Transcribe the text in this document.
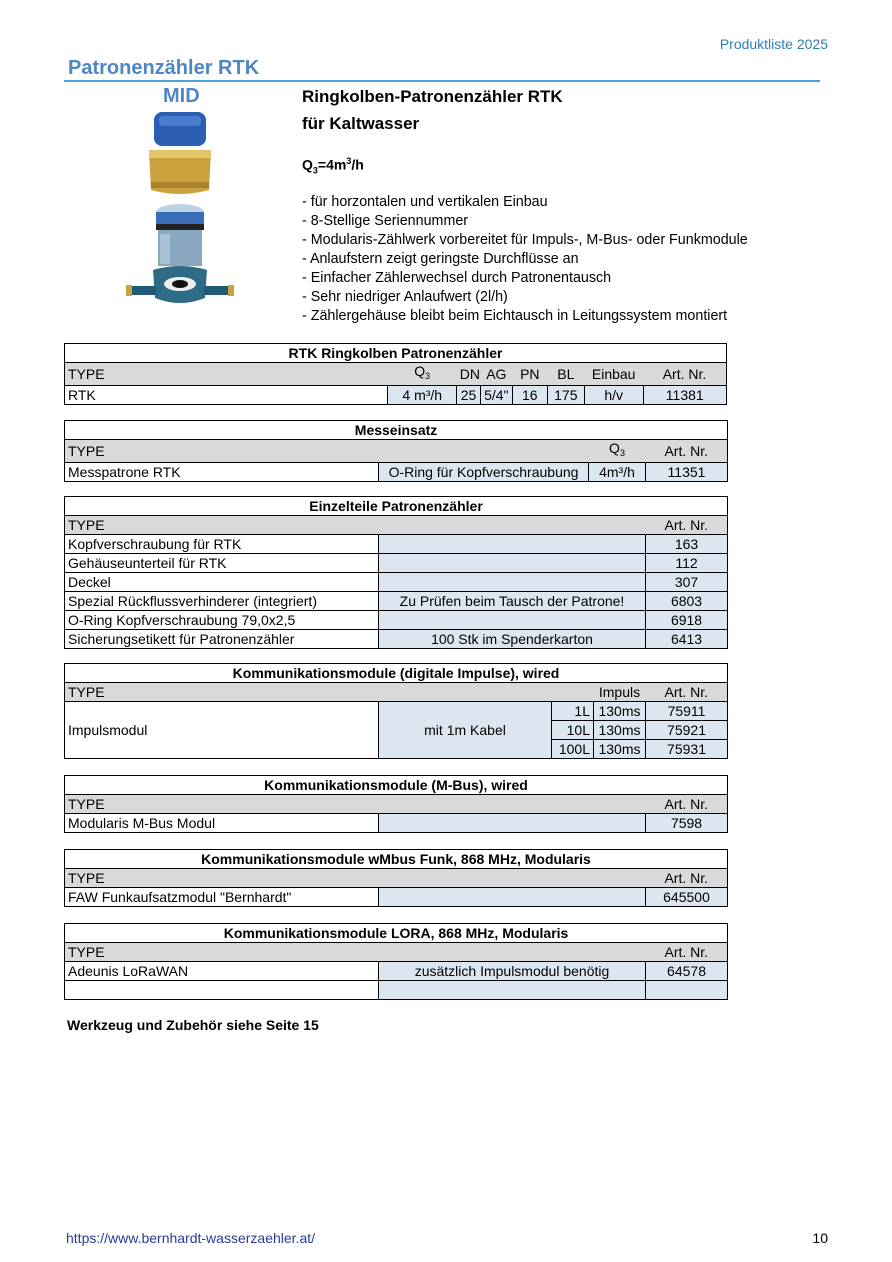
Produktliste 2025
Patronenzähler RTK
MID	Ringkolben-Patronenzähler RTK
für Kaltwasser
$Q_3=4m^3/h$
- für horzontalen und vertikalen Einbau
- 8-Stellige Seriennummer
- Modularis-Zählwerk vorbereitet für Impuls-, M-Bus- oder Funkmodule
- Anlaufstern zeigt geringste Durchflüsse an
- Einfacher Zählerwechsel durch Patronentausch
- Sehr niedriger Anlaufwert (2l/h)
- Zählergehäuse bleibt beim Eichtausch in Leitungssystem montiert
RTK Ringkolben Patronenzähler							
TYPE	$Q_3$	DN	AG	PN	BL	Einbau	Art. Nr.
RTK	4 m³/h	25	5/4"	16	175	h/v	11381
Messeinsatz
TYPE		$Q_3$	Art. Nr.
Messpatrone RTK	O-Ring für Kopfverschraubung	4m³/h	11351
Einzelteile Patronenzähler		
TYPE		Art. Nr.
Kopfverschraubung für RTK		163
Gehäuseunterteil für RTK		112
Deckel		307
Spezial Rückflussverhinderer (integriert)	Zu Prüfen beim Tausch der Patrone!	6803
O-Ring Kopfverschraubung 79,0x2,5		6918
Sicherungsetikett für Patronenzähler	100 Stk im Spenderkarton	6413
Kommunikationsmodule (digitale Impulse), wired				
TYPE			Impuls	Art. Nr.
Impulsmodul	mit 1m Kabel	1L	130ms	75911
		10L	130ms	75921
		100L	130ms	75931
Kommunikationsmodule (M-Bus), wired		
TYPE		Art. Nr.
Modularis M-Bus Modul		7598
Kommunikationsmodule wMbus Funk, 868 MHz, Modularis		
TYPE		Art. Nr.
FAW Funkaufsatzmodul "Bernhardt"		645500
Kommunikationsmodule LORA, 868 MHz, Modularis		
TYPE		Art. Nr.
Adeunis LoRaWAN	zusätzlich Impulsmodul benötig	64578

Werkzeug und Zubehör siehe Seite 15
https://www.bernhardt-wasserzaehler.at/	10
